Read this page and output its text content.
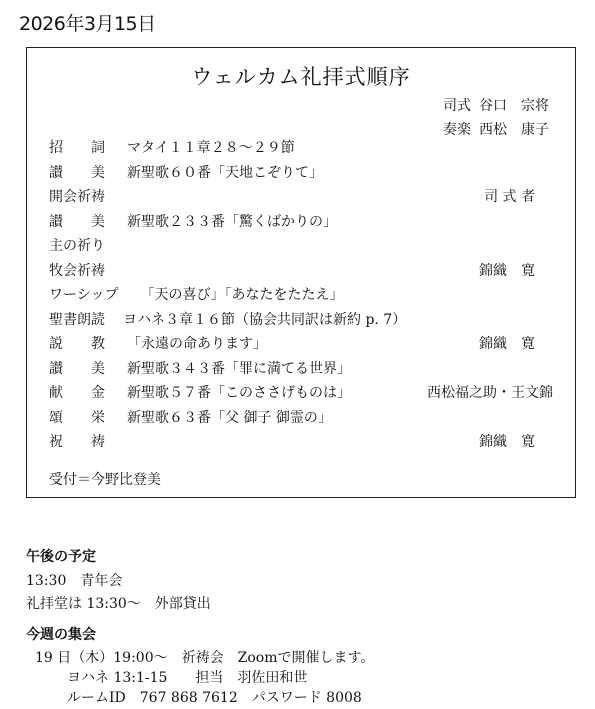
2026年3月15日
ウェルカム礼拝式順序
司式 谷口　宗将
奏楽 西松　康子
招　　詞 マタイ１１章２８～２９節
讃　　美 新聖歌６０番「天地こぞりて」
開会祈祷	司 式 者
讃　　美 新聖歌２３３番「驚くばかりの」
主の祈り
牧会祈祷	錦織　寛
ワーシップ 「天の喜び」「あなたをたたえ」
聖書朗読 ヨハネ３章１６節（協会共同訳は新約 p. 7）
説　　教 「永遠の命あります」	錦織　寛
讃　　美 新聖歌３４３番「罪に満てる世界」
献　　金 新聖歌５７番「このささげものは」	西松福之助・王文錦
頌　　栄 新聖歌６３番「父 御子 御霊の」
祝　　祷	錦織　寛
受付＝今野比登美
午後の予定
13:30　青年会
礼拝堂は 13:30～　外部貸出
今週の集会
19 日（木）19:00～　祈祷会　Zoomで開催します。
ヨハネ 13:1-15　　担当　羽佐田和世
ルームID　767 868 7612　パスワード 8008
